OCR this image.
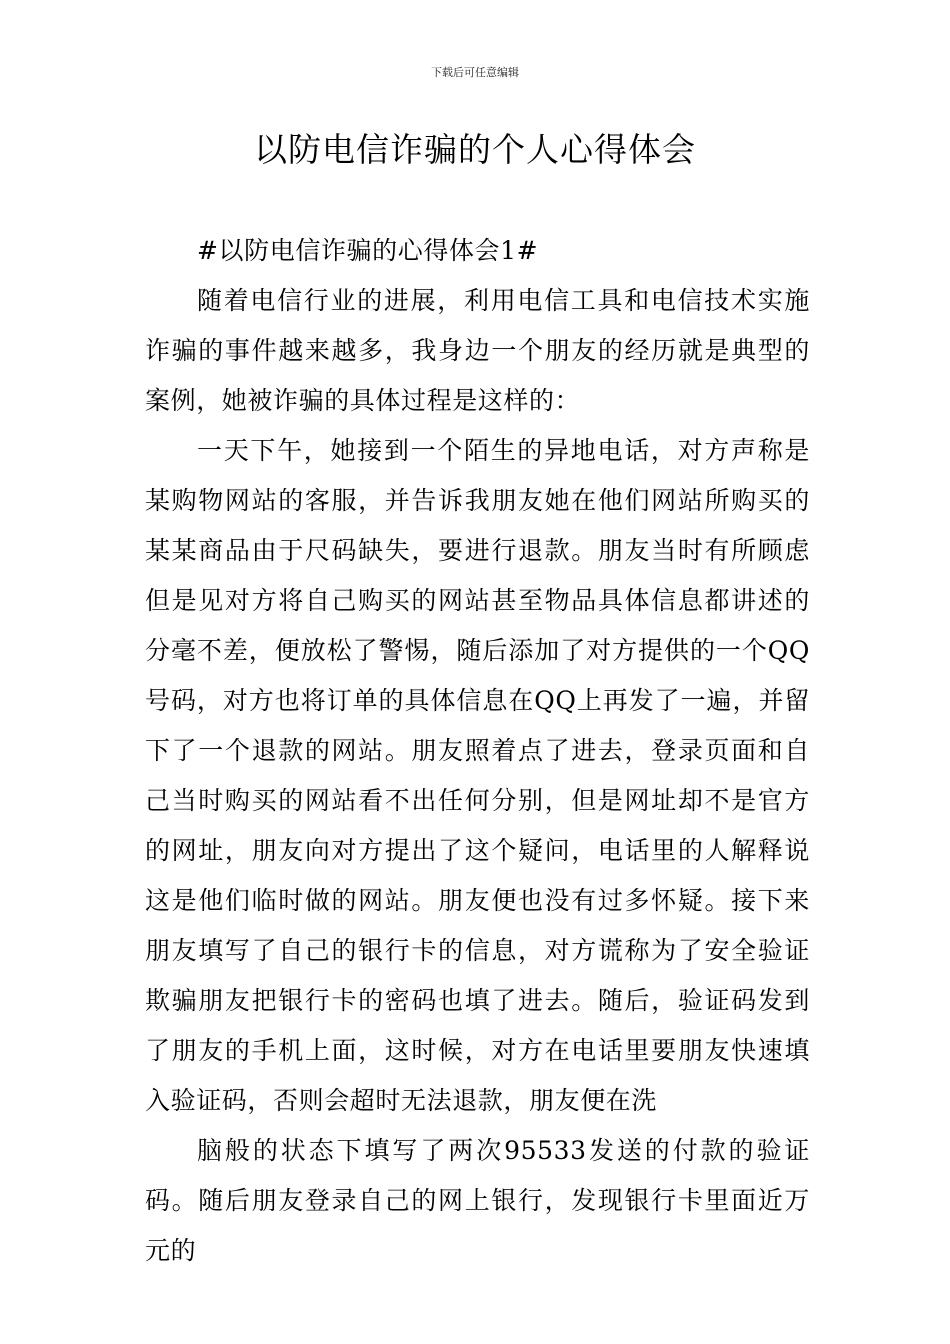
下载后可任意编辑
以防电信诈骗的个人心得体会

#以防电信诈骗的心得体会1#

随着电信行业的进展，利用电信工具和电信技术实施诈骗的事件越来越多，我身边一个朋友的经历就是典型的案例，她被诈骗的具体过程是这样的：

一天下午，她接到一个陌生的异地电话，对方声称是某购物网站的客服，并告诉我朋友她在他们网站所购买的某某商品由于尺码缺失，要进行退款。朋友当时有所顾虑但是见对方将自己购买的网站甚至物品具体信息都讲述的分毫不差，便放松了警惕，随后添加了对方提供的一个QQ号码，对方也将订单的具体信息在QQ上再发了一遍，并留下了一个退款的网站。朋友照着点了进去，登录页面和自己当时购买的网站看不出任何分别，但是网址却不是官方的网址，朋友向对方提出了这个疑问，电话里的人解释说这是他们临时做的网站。朋友便也没有过多怀疑。接下来朋友填写了自己的银行卡的信息，对方谎称为了安全验证欺骗朋友把银行卡的密码也填了进去。随后，验证码发到了朋友的手机上面，这时候，对方在电话里要朋友快速填入验证码，否则会超时无法退款，朋友便在洗

脑般的状态下填写了两次95533发送的付款的验证码。随后朋友登录自己的网上银行，发现银行卡里面近万元的
